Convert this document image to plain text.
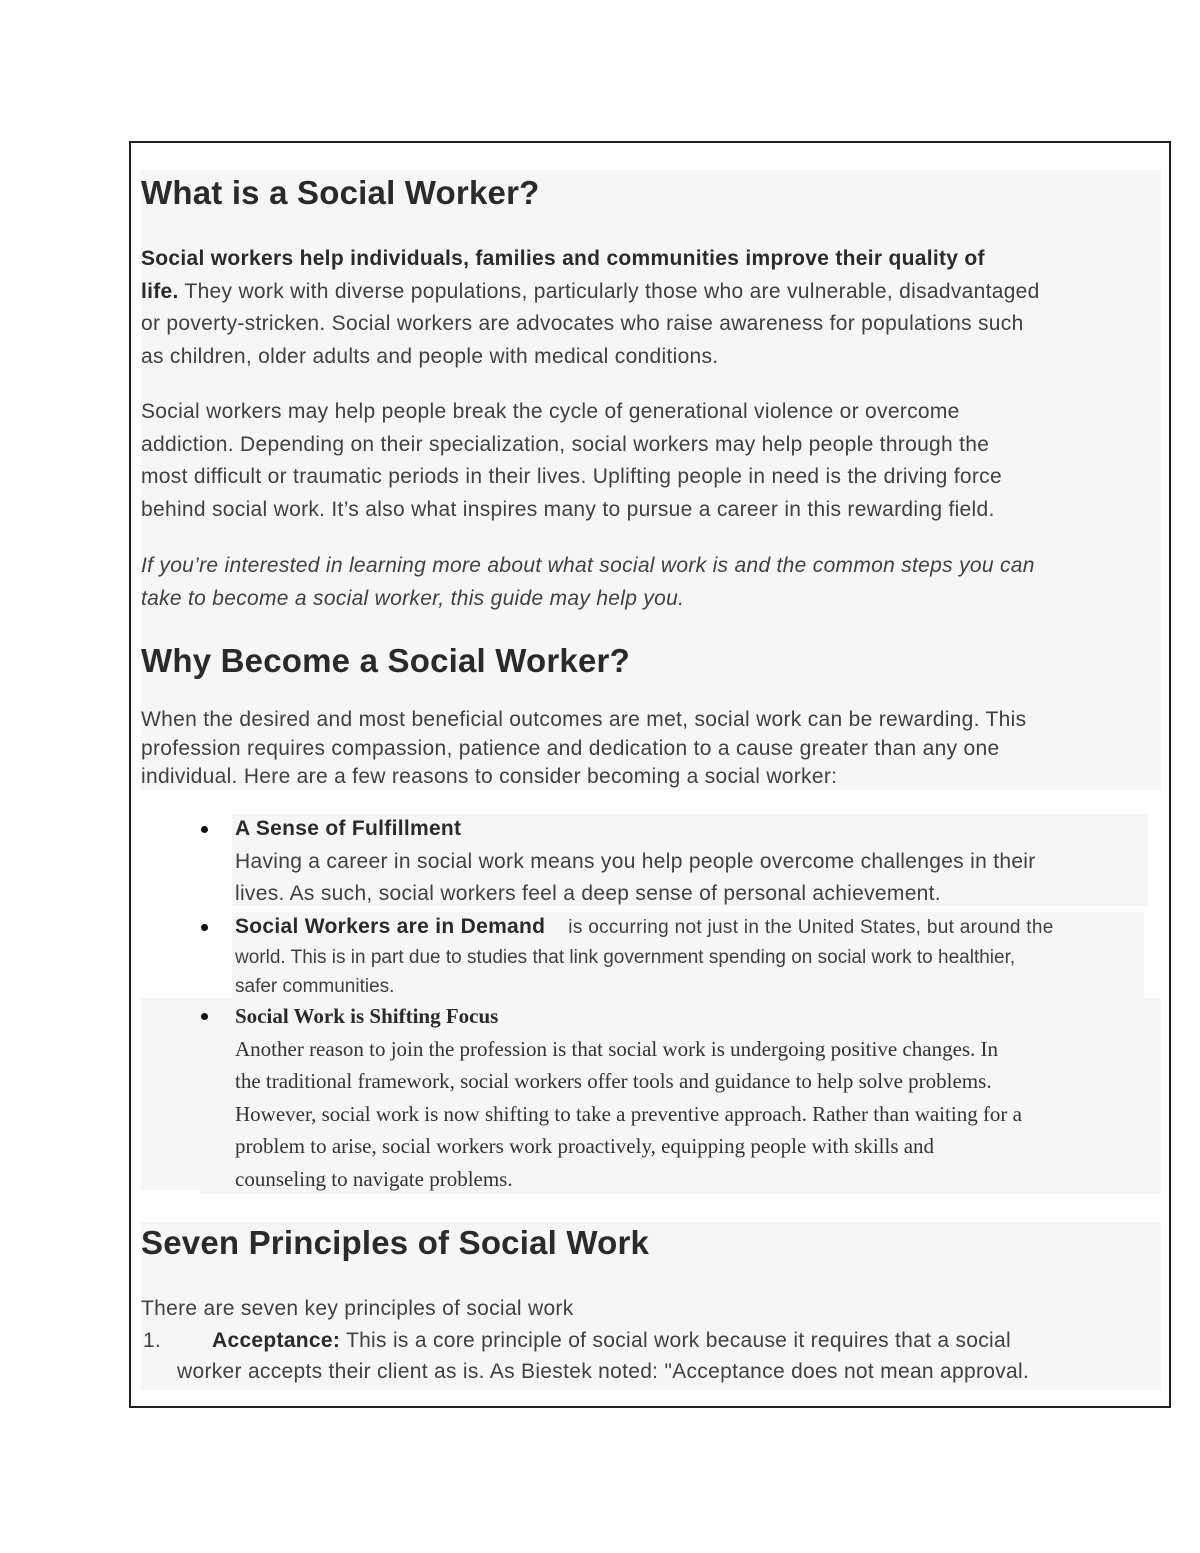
What is a Social Worker?
Social workers help individuals, families and communities improve their quality of
life. They work with diverse populations, particularly those who are vulnerable, disadvantaged
or poverty-stricken. Social workers are advocates who raise awareness for populations such
as children, older adults and people with medical conditions.
Social workers may help people break the cycle of generational violence or overcome
addiction. Depending on their specialization, social workers may help people through the
most difficult or traumatic periods in their lives. Uplifting people in need is the driving force
behind social work. It’s also what inspires many to pursue a career in this rewarding field.
If you’re interested in learning more about what social work is and the common steps you can
take to become a social worker, this guide may help you.
Why Become a Social Worker?
When the desired and most beneficial outcomes are met, social work can be rewarding. This
profession requires compassion, patience and dedication to a cause greater than any one
individual. Here are a few reasons to consider becoming a social worker:
A Sense of Fulfillment
Having a career in social work means you help people overcome challenges in their
lives. As such, social workers feel a deep sense of personal achievement.
Social Workers are in Demand is occurring not just in the United States, but around the
world. This is in part due to studies that link government spending on social work to healthier,
safer communities.
Social Work is Shifting Focus
Another reason to join the profession is that social work is undergoing positive changes. In
the traditional framework, social workers offer tools and guidance to help solve problems.
However, social work is now shifting to take a preventive approach. Rather than waiting for a
problem to arise, social workers work proactively, equipping people with skills and
counseling to navigate problems.
Seven Principles of Social Work
There are seven key principles of social work
1. Acceptance: This is a core principle of social work because it requires that a social
worker accepts their client as is. As Biestek noted: "Acceptance does not mean approval.
